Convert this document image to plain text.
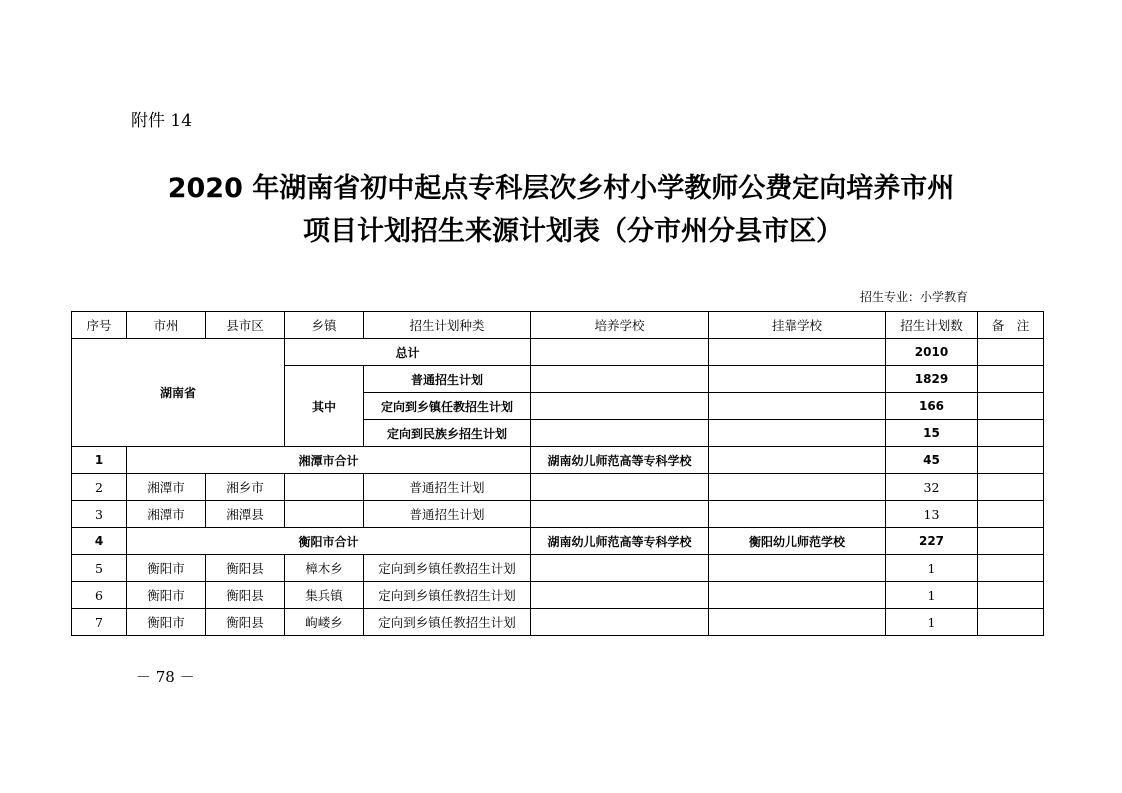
附件 14
2020 年湖南省初中起点专科层次乡村小学教师公费定向培养市州
项目计划招生来源计划表（分市州分县市区）
招生专业：小学教育
序号	市州	县市区	乡镇	招生计划种类	培养学校	挂靠学校	招生计划数	备　注
湖南省			总计				2010	
			其中	普通招生计划			1829	
				定向到乡镇任教招生计划			166	
				定向到民族乡招生计划			15	
1	湘潭市合计				湖南幼儿师范高等专科学校		45	
2	湘潭市	湘乡市		普通招生计划			32	
3	湘潭市	湘潭县		普通招生计划			13	
4	衡阳市合计				湖南幼儿师范高等专科学校	衡阳幼儿师范学校	227	
5	衡阳市	衡阳县	樟木乡	定向到乡镇任教招生计划			1	
6	衡阳市	衡阳县	集兵镇	定向到乡镇任教招生计划			1	
7	衡阳市	衡阳县	岣嵝乡	定向到乡镇任教招生计划			1	
－ 78 －
